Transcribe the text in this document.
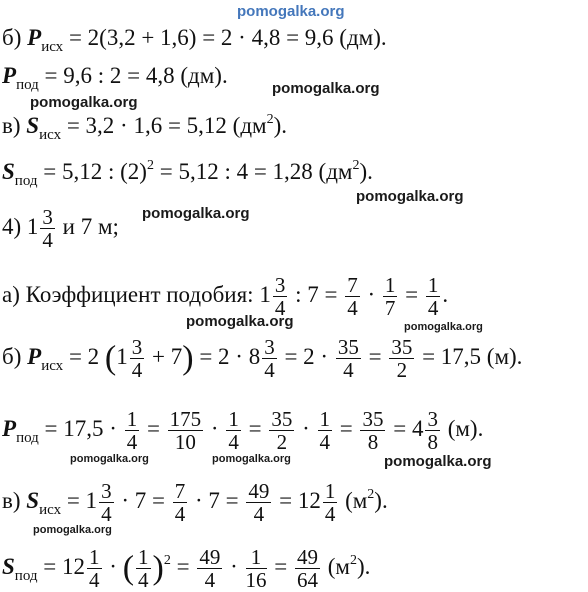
pomogalka.org
pomogalka.org
pomogalka.org
pomogalka.org
pomogalka.org
pomogalka.org	pomogalka.org
pomogalka.org	pomogalka.org	pomogalka.org
pomogalka.org
б) $P_{исх} = 2(3,2 + 1,6) = 2 \cdot 4,8 = 9,6$ (дм).
$P_{под} = 9,6$ : 2 = 4,8 (дм).
в) $S_{исх} = 3,2 \cdot 1,6 = 5,12$ $(дм^2)$.
$S_{под} = 5,12$ : $(2)^2 = 5,12$ : 4 = 1,28 $(дм^2)$.
4) $1 \frac{3}{4}$ и 7 м;
а) Коэффициент подобия: $1 \frac{3}{4}$ : $7 = \frac{7}{4} \cdot \frac{1}{7} = \frac{1}{4}$ .
б) $P_{исх} = 2$ $(1 \frac{3}{4} + 7) = 2 \cdot 8 \frac{3}{4} = 2 \cdot \frac{35}{4} = \frac{35}{2} = 17,5$ (м).
$P_{под} = 17,5 \cdot \frac{1}{4} = \frac{175}{10} \cdot \frac{1}{4} = \frac{35}{2} \cdot \frac{1}{4} = \frac{35}{8} = 4 \frac{3}{8} (м)$.
в) $S_{исх} = 1 \frac{3}{4} \cdot 7 = \frac{7}{4} \cdot 7 = \frac{49}{4} = 12 \frac{1}{4} (м^2)$.
$S_{под} = 12 \frac{1}{4}$ · ( $\frac{1}{4} )^2 = \frac{49}{4} \cdot \frac{1}{16} = \frac{49}{64} (м^2)$.
